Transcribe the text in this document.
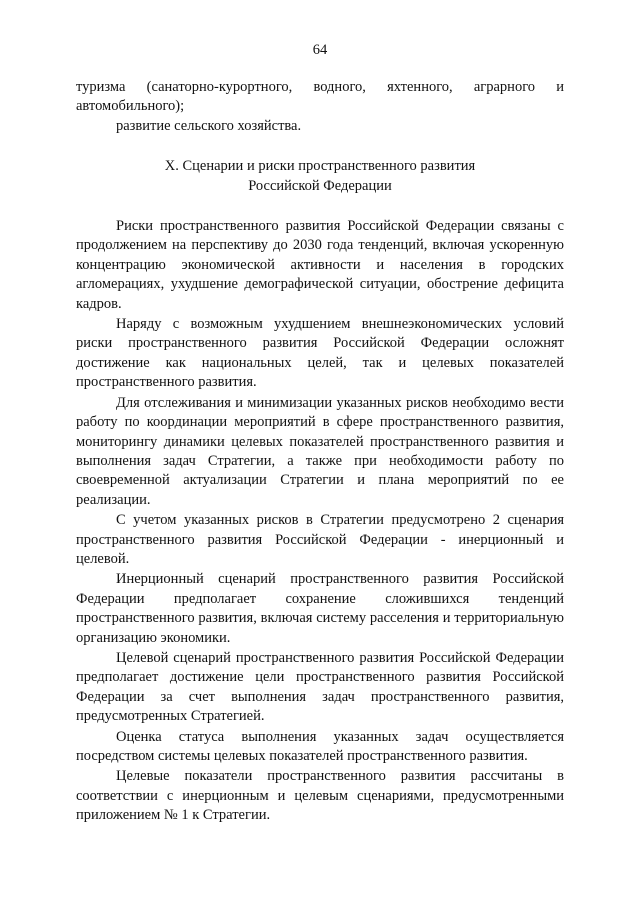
64

туризма (санаторно-курортного, водного, яхтенного, аграрного и автомобильного);

развитие сельского хозяйства.

X. Сценарии и риски пространственного развития
Российской Федерации

Риски пространственного развития Российской Федерации связаны с продолжением на перспективу до 2030 года тенденций, включая ускоренную концентрацию экономической активности и населения в городских агломерациях, ухудшение демографической ситуации, обострение дефицита кадров.

Наряду с возможным ухудшением внешнеэкономических условий риски пространственного развития Российской Федерации осложнят достижение как национальных целей, так и целевых показателей пространственного развития.

Для отслеживания и минимизации указанных рисков необходимо вести работу по координации мероприятий в сфере пространственного развития, мониторингу динамики целевых показателей пространственного развития и выполнения задач Стратегии, а также при необходимости работу по своевременной актуализации Стратегии и плана мероприятий по ее реализации.

С учетом указанных рисков в Стратегии предусмотрено 2 сценария пространственного развития Российской Федерации - инерционный и целевой.

Инерционный сценарий пространственного развития Российской Федерации предполагает сохранение сложившихся тенденций пространственного развития, включая систему расселения и территориальную организацию экономики.

Целевой сценарий пространственного развития Российской Федерации предполагает достижение цели пространственного развития Российской Федерации за счет выполнения задач пространственного развития, предусмотренных Стратегией.

Оценка статуса выполнения указанных задач осуществляется посредством системы целевых показателей пространственного развития.

Целевые показатели пространственного развития рассчитаны в соответствии с инерционным и целевым сценариями, предусмотренными приложением № 1 к Стратегии.
